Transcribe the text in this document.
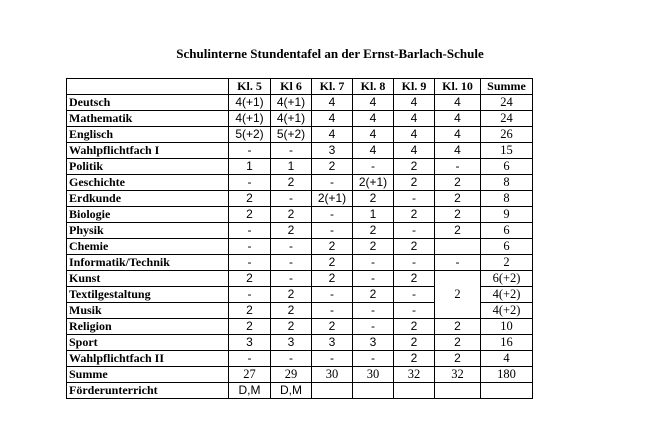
Schulinterne Stundentafel an der Ernst-Barlach-Schule
	Kl. 5	Kl 6	Kl. 7	Kl. 8	Kl. 9	Kl. 10	Summe
Deutsch	4(+1)	4(+1)	4	4	4	4	24
Mathematik	4(+1)	4(+1)	4	4	4	4	24
Englisch	5(+2)	5(+2)	4	4	4	4	26
Wahlpflichtfach I	-	-	3	4	4	4	15
Politik	1	1	2	-	2	-	6
Geschichte	-	2	-	2(+1)	2	2	8
Erdkunde	2	-	2(+1)	2	-	2	8
Biologie	2	2	-	1	2	2	9
Physik	-	2	-	2	-	2	6
Chemie	-	-	2	2	2		6
Informatik/Technik	-	-	2	-	-	-	2
Kunst	2	-	2	-	2	2	6(+2)
Textilgestaltung	-	2	-	2	-		4(+2)
Musik	2	2	-	-	-		4(+2)
Religion	2	2	2	-	2	2	10
Sport	3	3	3	3	2	2	16
Wahlpflichtfach II	-	-	-	-	2	2	4
Summe	27	29	30	30	32	32	180
Förderunterricht	D,M	D,M					
